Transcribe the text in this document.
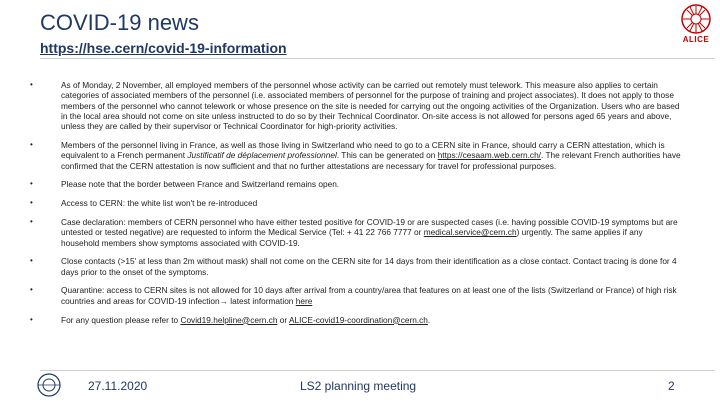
COVID-19 news
https://hse.cern/covid-19-information
ALICE
• As of Monday, 2 November, all employed members of the personnel whose activity can be carried out remotely must telework. This measure also applies to certain categories of associated members of the personnel (i.e. associated members of personnel for the purpose of training and project associates). It does not apply to those members of the personnel who cannot telework or whose presence on the site is needed for carrying out the ongoing activities of the Organization. Users who are based in the local area should not come on site unless instructed to do so by their Technical Coordinator. On-site access is not allowed for persons aged 65 years and above, unless they are called by their supervisor or Technical Coordinator for high-priority activities.
• Members of the personnel living in France, as well as those living in Switzerland who need to go to a CERN site in France, should carry a CERN attestation, which is equivalent to a French permanent Justificatif de déplacement professionnel. This can be generated on https://cesaam.web.cern.ch/. The relevant French authorities have confirmed that the CERN attestation is now sufficient and that no further attestations are necessary for travel for professional purposes.
• Please note that the border between France and Switzerland remains open.
• Access to CERN: the white list won't be re-introduced
• Case declaration: members of CERN personnel who have either tested positive for COVID-19 or are suspected cases (i.e. having possible COVID-19 symptoms but are untested or tested negative) are requested to inform the Medical Service (Tel: + 41 22 766 7777 or medical.service@cern.ch) urgently. The same applies if any household members show symptoms associated with COVID-19.
• Close contacts (>15' at less than 2m without mask) shall not come on the CERN site for 14 days from their identification as a close contact. Contact tracing is done for 4 days prior to the onset of the symptoms.
• Quarantine: access to CERN sites is not allowed for 10 days after arrival from a country/area that features on at least one of the lists (Switzerland or France) of high risk countries and areas for COVID-19 infection→ latest information here
• For any question please refer to Covid19.helpline@cern.ch or ALICE-covid19-coordination@cern.ch.
27.11.2020	LS2 planning meeting	2
